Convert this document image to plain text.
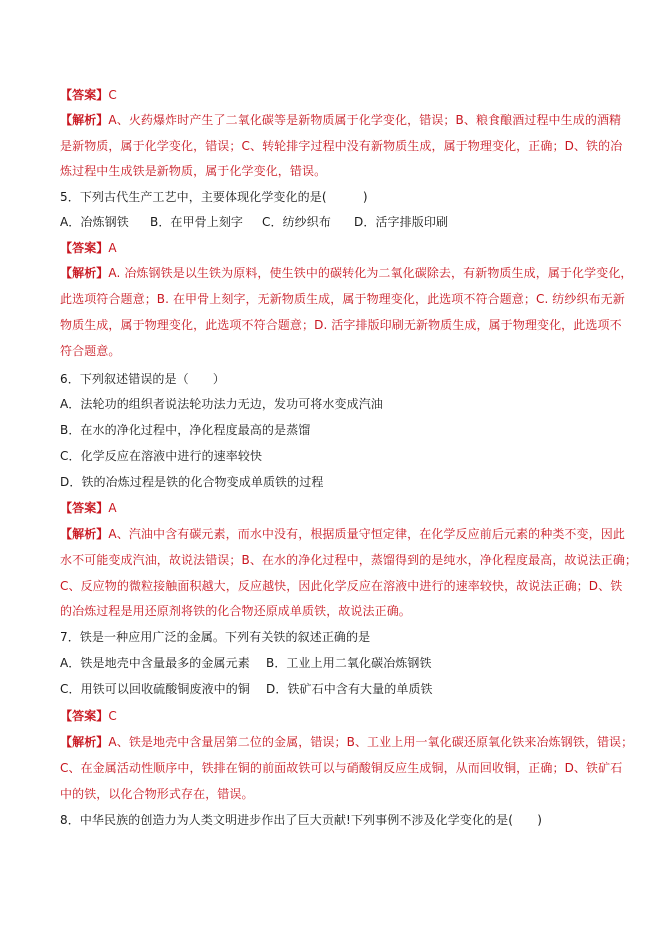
【答案】C
【解析】A、火药爆炸时产生了二氧化碳等是新物质属于化学变化，错误；B、粮食酿酒过程中生成的酒精
是新物质，属于化学变化，错误；C、转轮排字过程中没有新物质生成，属于物理变化，正确；D、铁的冶
炼过程中生成铁是新物质，属于化学变化，错误。
5．下列古代生产工艺中，主要体现化学变化的是(　　　)
A．冶炼钢铁 B．在甲骨上刻字 C．纺纱织布 D．活字排版印刷
【答案】A
【解析】A. 冶炼钢铁是以生铁为原料，使生铁中的碳转化为二氧化碳除去，有新物质生成，属于化学变化，
此选项符合题意；B. 在甲骨上刻字，无新物质生成，属于物理变化，此选项不符合题意；C. 纺纱织布无新
物质生成，属于物理变化，此选项不符合题意；D. 活字排版印刷无新物质生成，属于物理变化，此选项不
符合题意。
6．下列叙述错误的是（　　）
A．法轮功的组织者说法轮功法力无边，发功可将水变成汽油
B．在水的净化过程中，净化程度最高的是蒸馏
C．化学反应在溶液中进行的速率较快
D．铁的冶炼过程是铁的化合物变成单质铁的过程
【答案】A
【解析】A、汽油中含有碳元素，而水中没有，根据质量守恒定律，在化学反应前后元素的种类不变，因此
水不可能变成汽油，故说法错误；B、在水的净化过程中，蒸馏得到的是纯水，净化程度最高，故说法正确；
C、反应物的微粒接触面积越大，反应越快，因此化学反应在溶液中进行的速率较快，故说法正确；D、铁
的冶炼过程是用还原剂将铁的化合物还原成单质铁，故说法正确。
7．铁是一种应用广泛的金属。下列有关铁的叙述正确的是
A．铁是地壳中含量最多的金属元素 B．工业上用二氧化碳冶炼钢铁
C．用铁可以回收硫酸铜废液中的铜 D．铁矿石中含有大量的单质铁
【答案】C
【解析】A、铁是地壳中含量居第二位的金属，错误；B、工业上用一氧化碳还原氧化铁来冶炼钢铁，错误；
C、在金属活动性顺序中，铁排在铜的前面故铁可以与硝酸铜反应生成铜，从而回收铜，正确；D、铁矿石
中的铁，以化合物形式存在，错误。
8．中华民族的创造力为人类文明进步作出了巨大贡献!下列事例不涉及化学变化的是(　　)
